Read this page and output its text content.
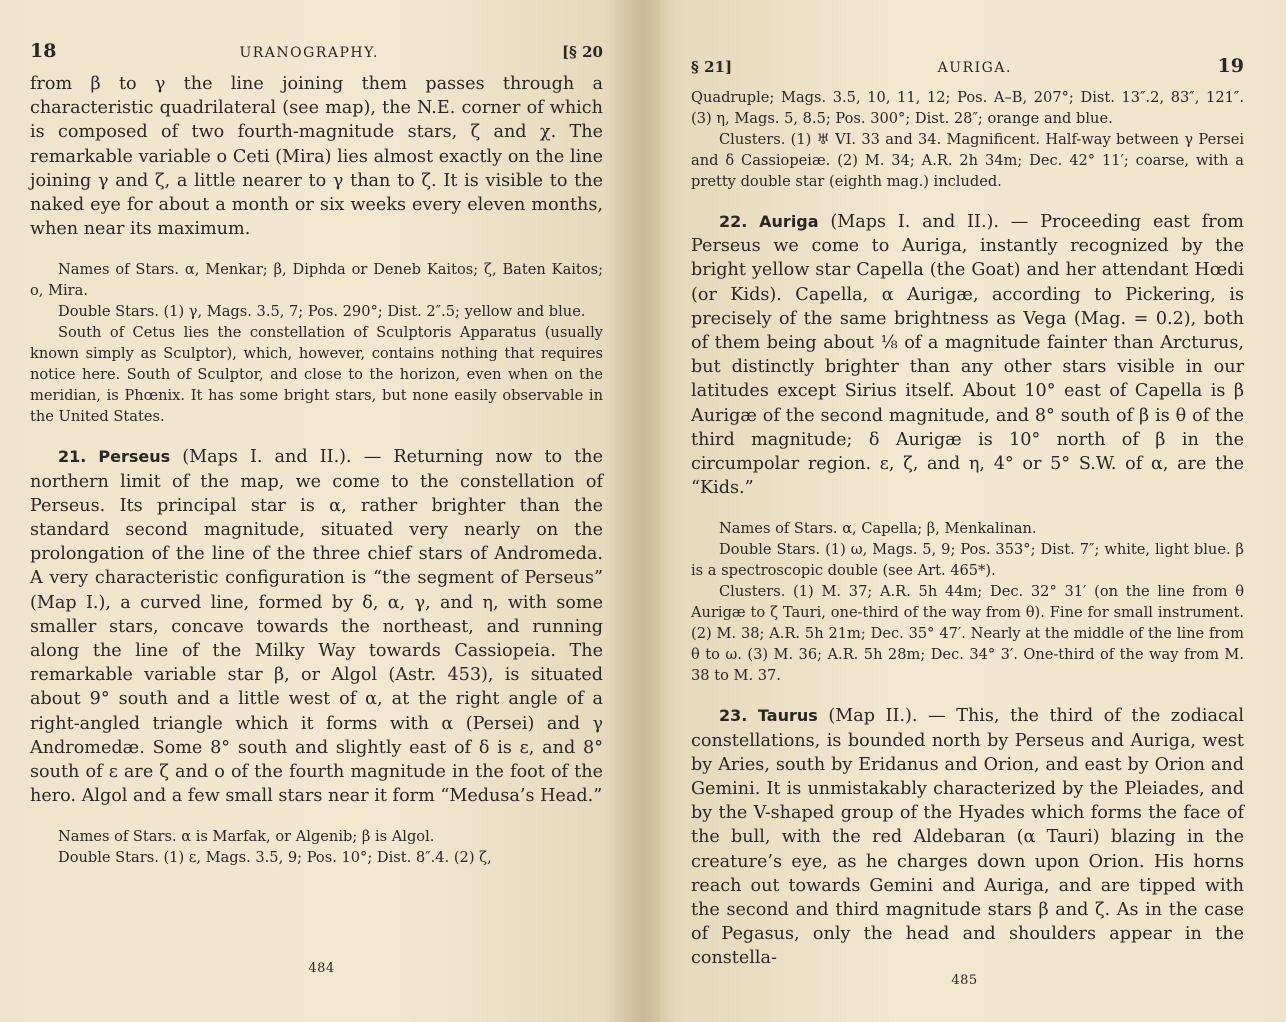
18	URANOGRAPHY.	[§ 20

from β to γ the line joining them passes through a characteristic quadrilateral (see map), the N.E. corner of which is composed of two fourth-magnitude stars, ζ and χ. The remarkable variable ο Ceti (Mira) lies almost exactly on the line joining γ and ζ, a little nearer to γ than to ζ. It is visible to the naked eye for about a month or six weeks every eleven months, when near its maximum.

Names of Stars. α, Menkar; β, Diphda or Deneb Kaitos; ζ, Baten Kaitos; ο, Mira.

Double Stars. (1) γ, Mags. 3.5, 7; Pos. 290°; Dist. 2″.5; yellow and blue.

South of Cetus lies the constellation of Sculptoris Apparatus (usually known simply as Sculptor), which, however, contains nothing that requires notice here. South of Sculptor, and close to the horizon, even when on the meridian, is Phœnix. It has some bright stars, but none easily observable in the United States.

21. Perseus (Maps I. and II.). — Returning now to the northern limit of the map, we come to the constellation of Perseus. Its principal star is α, rather brighter than the standard second magnitude, situated very nearly on the prolongation of the line of the three chief stars of Andromeda. A very characteristic configuration is “the segment of Perseus” (Map I.), a curved line, formed by δ, α, γ, and η, with some smaller stars, concave towards the northeast, and running along the line of the Milky Way towards Cassiopeia. The remarkable variable star β, or Algol (Astr. 453), is situated about 9° south and a little west of α, at the right angle of a right-angled triangle which it forms with α (Persei) and γ Andromedæ. Some 8° south and slightly east of δ is ε, and 8° south of ε are ζ and ο of the fourth magnitude in the foot of the hero. Algol and a few small stars near it form “Medusa’s Head.”

Names of Stars. α is Marfak, or Algenib; β is Algol.

Double Stars. (1) ε, Mags. 3.5, 9; Pos. 10°; Dist. 8″.4. (2) ζ,

484
§ 21]	AURIGA.	19

Quadruple; Mags. 3.5, 10, 11, 12; Pos. A–B, 207°; Dist. 13″.2, 83″, 121″. (3) η, Mags. 5, 8.5; Pos. 300°; Dist. 28″; orange and blue.

Clusters. (1) ♅ VI. 33 and 34. Magnificent. Half-way between γ Persei and δ Cassiopeiæ. (2) M. 34; A.R. 2h 34m; Dec. 42° 11′; coarse, with a pretty double star (eighth mag.) included.

22. Auriga (Maps I. and II.). — Proceeding east from Perseus we come to Auriga, instantly recognized by the bright yellow star Capella (the Goat) and her attendant Hœdi (or Kids). Capella, α Aurigæ, according to Pickering, is precisely of the same brightness as Vega (Mag. = 0.2), both of them being about ⅛ of a magnitude fainter than Arcturus, but distinctly brighter than any other stars visible in our latitudes except Sirius itself. About 10° east of Capella is β Aurigæ of the second magnitude, and 8° south of β is θ of the third magnitude; δ Aurigæ is 10° north of β in the circumpolar region. ε, ζ, and η, 4° or 5° S.W. of α, are the “Kids.”

Names of Stars. α, Capella; β, Menkalinan.

Double Stars. (1) ω, Mags. 5, 9; Pos. 353°; Dist. 7″; white, light blue. β is a spectroscopic double (see Art. 465*).

Clusters. (1) M. 37; A.R. 5h 44m; Dec. 32° 31′ (on the line from θ Aurigæ to ζ Tauri, one-third of the way from θ). Fine for small instrument. (2) M. 38; A.R. 5h 21m; Dec. 35° 47′. Nearly at the middle of the line from θ to ω. (3) M. 36; A.R. 5h 28m; Dec. 34° 3′. One-third of the way from M. 38 to M. 37.

23. Taurus (Map II.). — This, the third of the zodiacal constellations, is bounded north by Perseus and Auriga, west by Aries, south by Eridanus and Orion, and east by Orion and Gemini. It is unmistakably characterized by the Pleiades, and by the V-shaped group of the Hyades which forms the face of the bull, with the red Aldebaran (α Tauri) blazing in the creature’s eye, as he charges down upon Orion. His horns reach out towards Gemini and Auriga, and are tipped with the second and third magnitude stars β and ζ. As in the case of Pegasus, only the head and shoulders appear in the constella-

485
